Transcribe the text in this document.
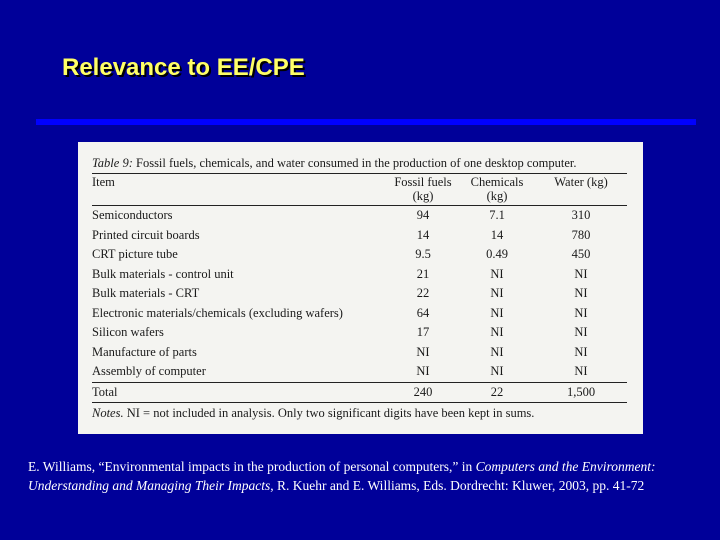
Relevance to EE/CPE
Table 9: Fossil fuels, chemicals, and water consumed in the production of one desktop computer.
Item	Fossil fuels (kg)	Chemicals (kg)	Water (kg)
Semiconductors	94	7.1	310
Printed circuit boards	14	14	780
CRT picture tube	9.5	0.49	450
Bulk materials - control unit	21	NI	NI
Bulk materials - CRT	22	NI	NI
Electronic materials/chemicals (excluding wafers)	64	NI	NI
Silicon wafers	17	NI	NI
Manufacture of parts	NI	NI	NI
Assembly of computer	NI	NI	NI
Total	240	22	1,500
Notes. NI = not included in analysis. Only two significant digits have been kept in sums.

E. Williams, “Environmental impacts in the production of personal computers,” in Computers and the Environment: Understanding and Managing Their Impacts, R. Kuehr and E. Williams, Eds. Dordrecht: Kluwer, 2003, pp. 41-72
